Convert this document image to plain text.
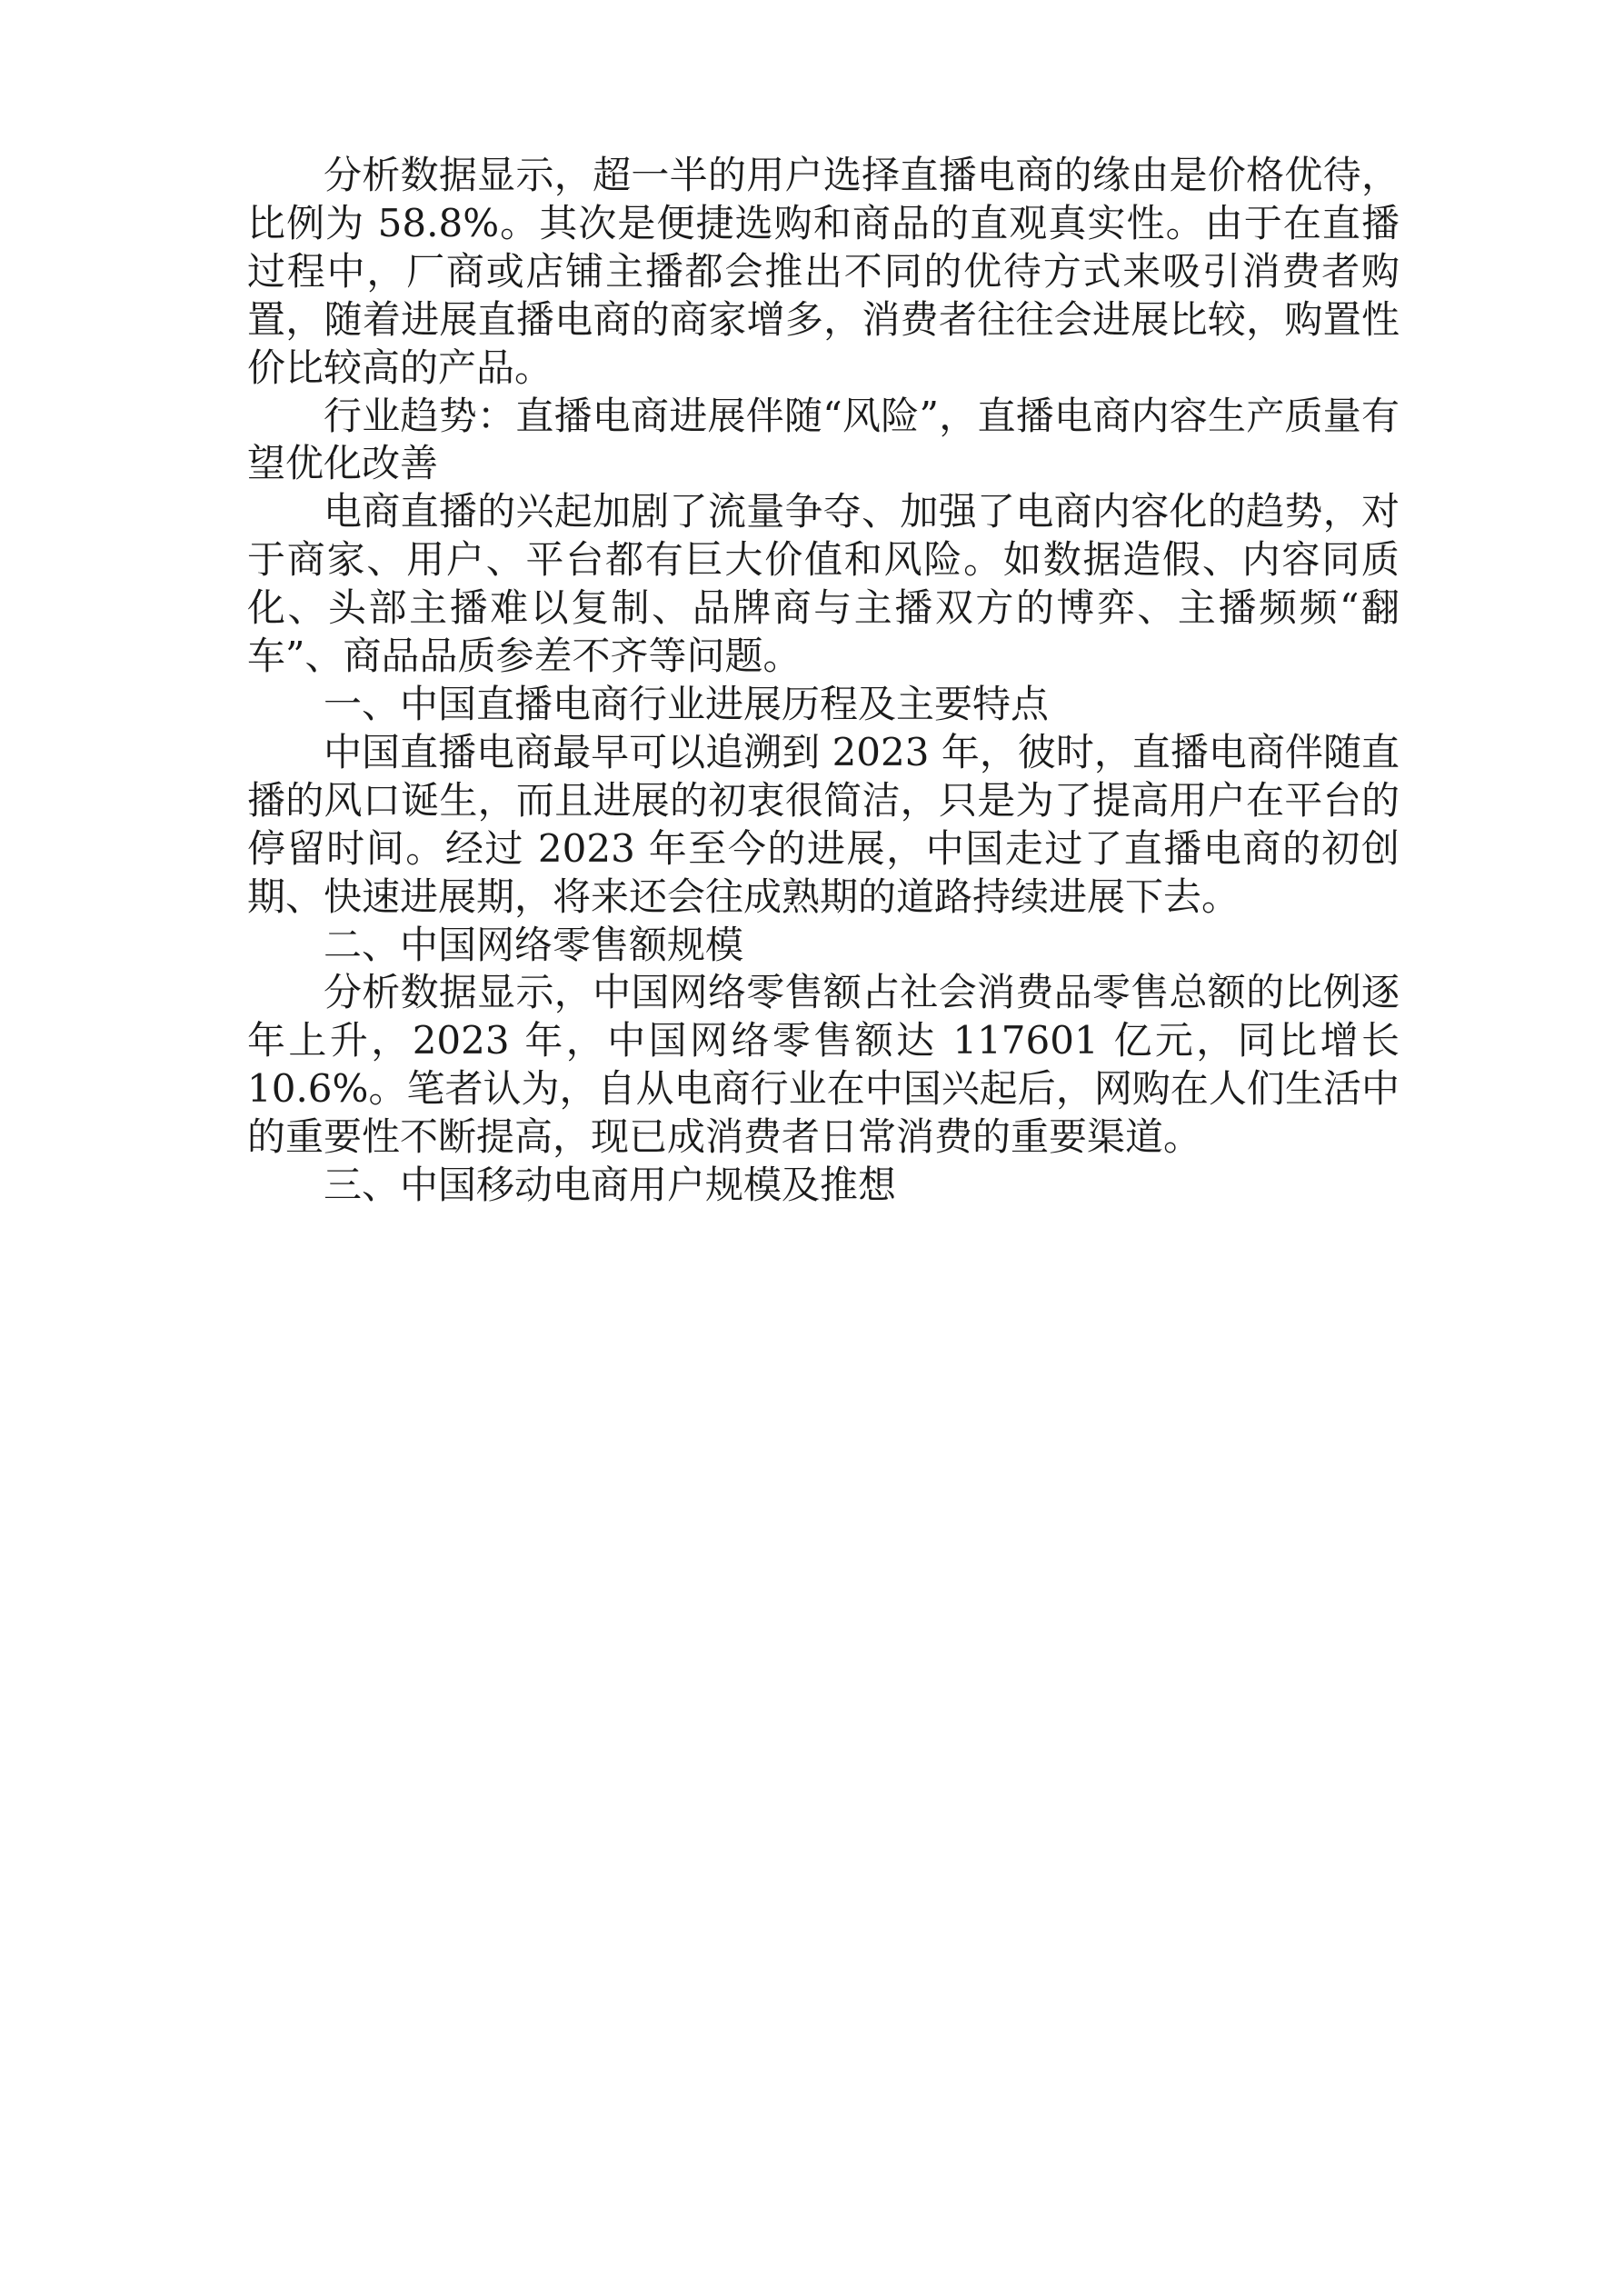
分析数据显示，超一半的用户选择直播电商的缘由是价格优待，比例为 58.8%。其次是便捷选购和商品的直观真实性。由于在直播过程中，厂商或店铺主播都会推出不同的优待方式来吸引消费者购置，随着进展直播电商的商家增多，消费者往往会进展比较，购置性价比较高的产品。

行业趋势：直播电商进展伴随“风险”，直播电商内容生产质量有望优化改善

电商直播的兴起加剧了流量争夺、加强了电商内容化的趋势，对于商家、用户、平台都有巨大价值和风险。如数据造假、内容同质化、头部主播难以复制、品牌商与主播双方的博弈、主播频频“翻车”、商品品质参差不齐等问题。

一、中国直播电商行业进展历程及主要特点

中国直播电商最早可以追溯到 2023 年，彼时，直播电商伴随直播的风口诞生，而且进展的初衷很简洁，只是为了提高用户在平台的停留时间。经过 2023 年至今的进展，中国走过了直播电商的初创期、快速进展期，将来还会往成熟期的道路持续进展下去。

二、中国网络零售额规模

分析数据显示，中国网络零售额占社会消费品零售总额的比例逐年上升，2023 年，中国网络零售额达 117601 亿元，同比增长 10.6%。笔者认为，自从电商行业在中国兴起后，网购在人们生活中的重要性不断提高，现已成消费者日常消费的重要渠道。

三、中国移动电商用户规模及推想
